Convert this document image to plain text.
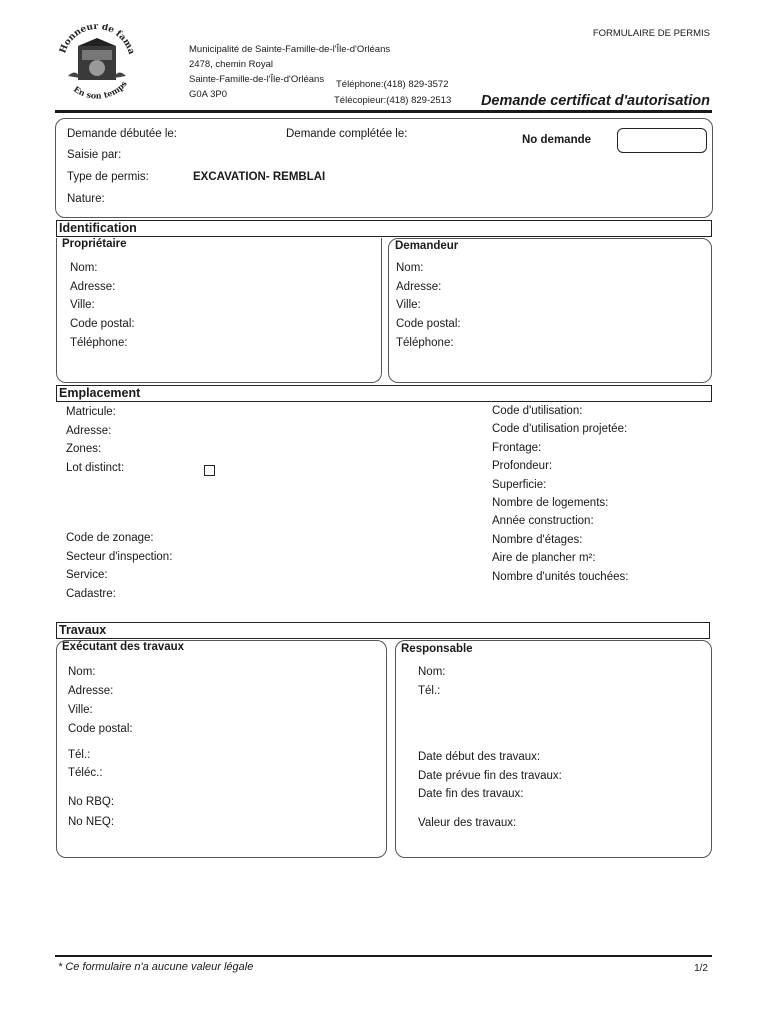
FORMULAIRE DE PERMIS
Honneur de fama
En son temps
Municipalité de Sainte-Famille-de-l'Île-d'Orléans
2478, chemin Royal
Sainte-Famille-de-l'Île-d'Orléans
G0A 3P0
Téléphone:(418) 829-3572
Télécopieur:(418) 829-2513 Demande certificat d'autorisation
Demande débutée le:	Demande complétée le:	No demande
Saisie par:
Type de permis:	EXCAVATION- REMBLAI
Nature:
Identification
Propriétaire
Nom:
Adresse:
Ville:
Code postal:
Téléphone:
Demandeur
Nom:
Adresse:
Ville:
Code postal:
Téléphone:
Emplacement
Matricule:
Adresse:
Zones:
Lot distinct:
Code de zonage:
Secteur d'inspection:
Service:
Cadastre:
Code d'utilisation:
Code d'utilisation projetée:
Frontage:
Profondeur:
Superficie:
Nombre de logements:
Année construction:
Nombre d'étages:
Aire de plancher m²:
Nombre d'unités touchées:
Travaux
Exécutant des travaux
Nom:
Adresse:
Ville:
Code postal:
Tél.:
Téléc.:
No RBQ:
No NEQ:
Responsable
Nom:
Tél.:
Date début des travaux:
Date prévue fin des travaux:
Date fin des travaux:
Valeur des travaux:
* Ce formulaire n'a aucune valeur légale	1/2
